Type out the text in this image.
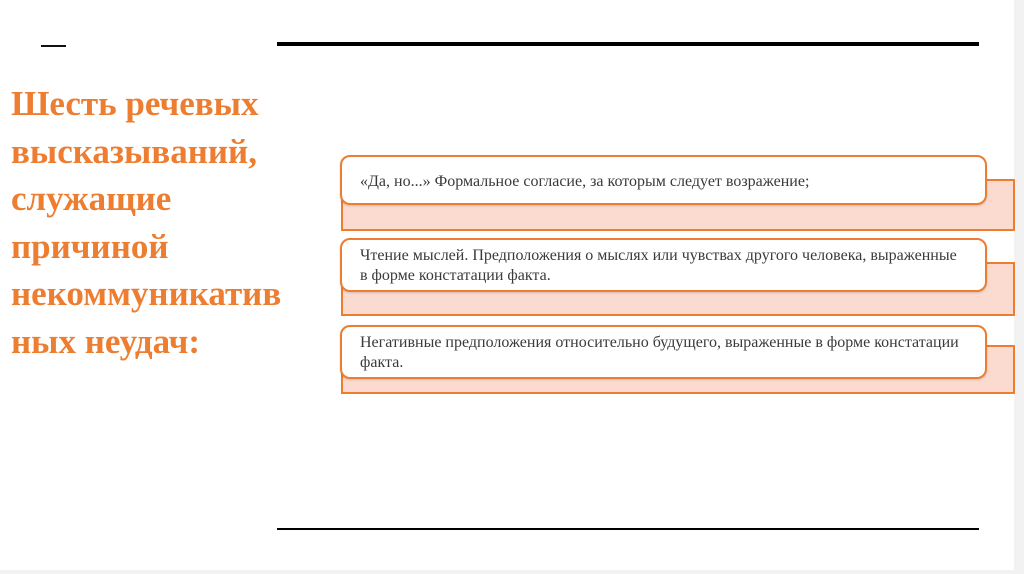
Шесть речевых высказываний, служащие причиной некоммуникатив ных неудач:
«Да, но...» Формальное согласие, за которым следует возражение;
Чтение мыслей. Предположения о мыслях или чувствах другого человека, выраженные в форме констатации факта.
Негативные предположения относительно будущего, выраженные в форме констатации факта.
